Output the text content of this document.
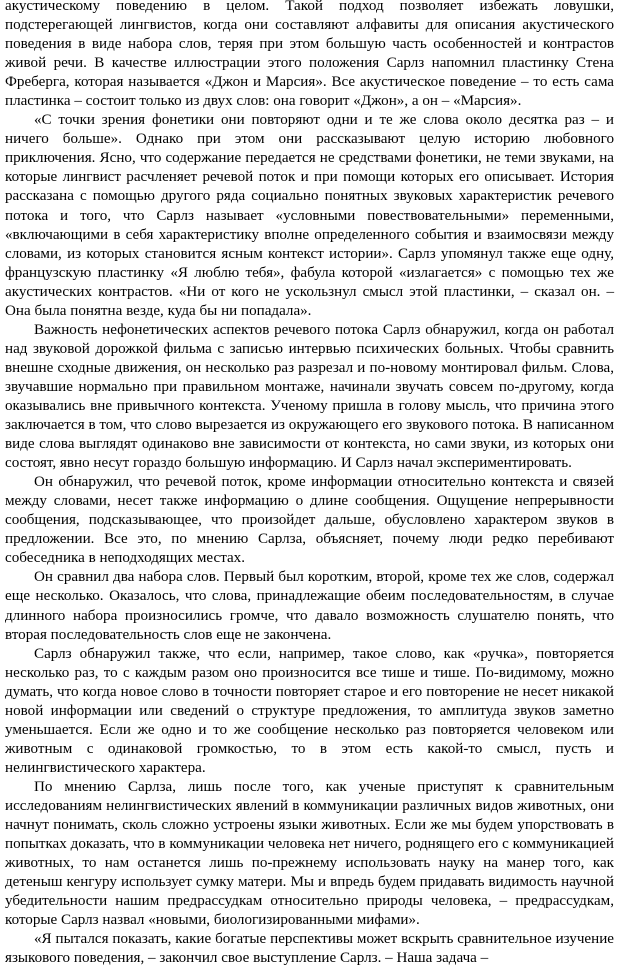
акустическому поведению в целом. Такой подход позволяет избежать ловушки, подстерегающей лингвистов, когда они составляют алфавиты для описания акустического поведения в виде набора слов, теряя при этом большую часть особенностей и контрастов живой речи. В качестве иллюстрации этого положения Сарлз напомнил пластинку Стена Фреберга, которая называется «Джон и Марсия». Все акустическое поведение – то есть сама пластинка – состоит только из двух слов: она говорит «Джон», а он – «Марсия».

«С точки зрения фонетики они повторяют одни и те же слова около десятка раз – и ничего больше». Однако при этом они рассказывают целую историю любовного приключения. Ясно, что содержание передается не средствами фонетики, не теми звуками, на которые лингвист расчленяет речевой поток и при помощи которых его описывает. История рассказана с помощью другого ряда социально понятных звуковых характеристик речевого потока и того, что Сарлз называет «условными повествовательными» переменными, «включающими в себя характеристику вполне определенного события и взаимосвязи между словами, из которых становится ясным контекст истории». Сарлз упомянул также еще одну, французскую пластинку «Я люблю тебя», фабула которой «излагается» с помощью тех же акустических контрастов. «Ни от кого не ускользнул смысл этой пластинки, – сказал он. – Она была понятна везде, куда бы ни попадала».

Важность нефонетических аспектов речевого потока Сарлз обнаружил, когда он работал над звуковой дорожкой фильма с записью интервью психических больных. Чтобы сравнить внешне сходные движения, он несколько раз разрезал и по-новому монтировал фильм. Слова, звучавшие нормально при правильном монтаже, начинали звучать совсем по-другому, когда оказывались вне привычного контекста. Ученому пришла в голову мысль, что причина этого заключается в том, что слово вырезается из окружающего его звукового потока. В написанном виде слова выглядят одинаково вне зависимости от контекста, но сами звуки, из которых они состоят, явно несут гораздо большую информацию. И Сарлз начал экспериментировать.

Он обнаружил, что речевой поток, кроме информации относительно контекста и связей между словами, несет также информацию о длине сообщения. Ощущение непрерывности сообщения, подсказывающее, что произойдет дальше, обусловлено характером звуков в предложении. Все это, по мнению Сарлза, объясняет, почему люди редко перебивают собеседника в неподходящих местах.

Он сравнил два набора слов. Первый был коротким, второй, кроме тех же слов, содержал еще несколько. Оказалось, что слова, принадлежащие обеим последовательностям, в случае длинного набора произносились громче, что давало возможность слушателю понять, что вторая последовательность слов еще не закончена.

Сарлз обнаружил также, что если, например, такое слово, как «ручка», повторяется несколько раз, то с каждым разом оно произносится все тише и тише. По-видимому, можно думать, что когда новое слово в точности повторяет старое и его повторение не несет никакой новой информации или сведений о структуре предложения, то амплитуда звуков заметно уменьшается. Если же одно и то же сообщение несколько раз повторяется человеком или животным с одинаковой громкостью, то в этом есть какой-то смысл, пусть и нелингвистического характера.

По мнению Сарлза, лишь после того, как ученые приступят к сравнительным исследованиям нелингвистических явлений в коммуникации различных видов животных, они начнут понимать, сколь сложно устроены языки животных. Если же мы будем упорствовать в попытках доказать, что в коммуникации человека нет ничего, роднящего его с коммуникацией животных, то нам останется лишь по-прежнему использовать науку на манер того, как детеныш кенгуру использует сумку матери. Мы и впредь будем придавать видимость научной убедительности нашим предрассудкам относительно природы человека, – предрассудкам, которые Сарлз назвал «новыми, биологизированными мифами».

«Я пытался показать, какие богатые перспективы может вскрыть сравнительное изучение языкового поведения, – закончил свое выступление Сарлз. – Наша задача –
